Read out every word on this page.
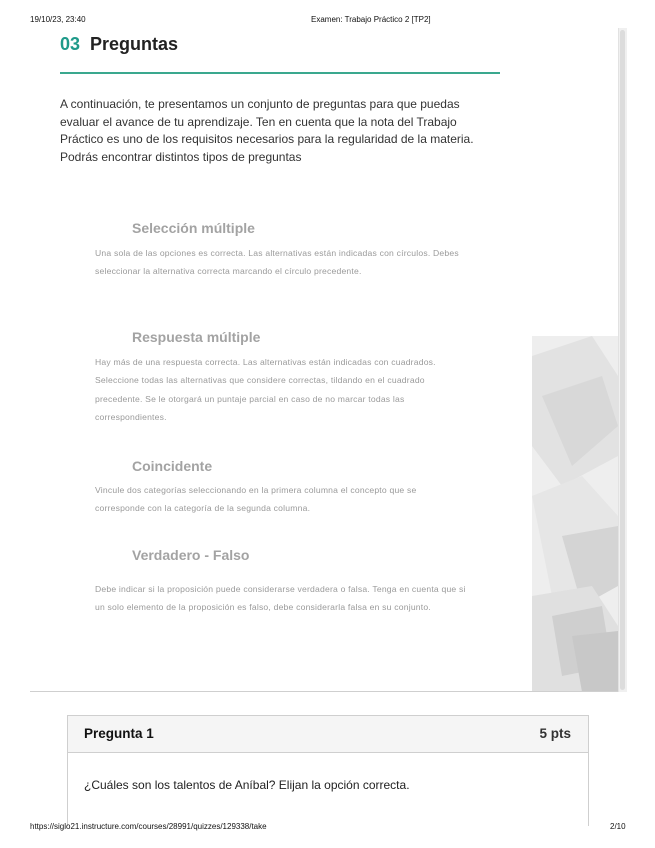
19/10/23, 23:40	Examen: Trabajo Práctico 2 [TP2]
03 Preguntas
A continuación, te presentamos un conjunto de preguntas para que puedas evaluar el avance de tu aprendizaje. Ten en cuenta que la nota del Trabajo Práctico es uno de los requisitos necesarios para la regularidad de la materia. Podrás encontrar distintos tipos de preguntas
Selección múltiple
Una sola de las opciones es correcta. Las alternativas están indicadas con círculos. Debes seleccionar la alternativa correcta marcando el círculo precedente.
Respuesta múltiple
Hay más de una respuesta correcta. Las alternativas están indicadas con cuadrados. Seleccione todas las alternativas que considere correctas, tildando en el cuadrado precedente. Se le otorgará un puntaje parcial en caso de no marcar todas las correspondientes.
Coincidente
Vincule dos categorías seleccionando en la primera columna el concepto que se corresponde con la categoría de la segunda columna.
Verdadero - Falso
Debe indicar si la proposición puede considerarse verdadera o falsa. Tenga en cuenta que si un solo elemento de la proposición es falso, debe considerarla falsa en su conjunto.
Pregunta 1	5 pts
¿Cuáles son los talentos de Aníbal? Elijan la opción correcta.
https://siglo21.instructure.com/courses/28991/quizzes/129338/take	2/10
